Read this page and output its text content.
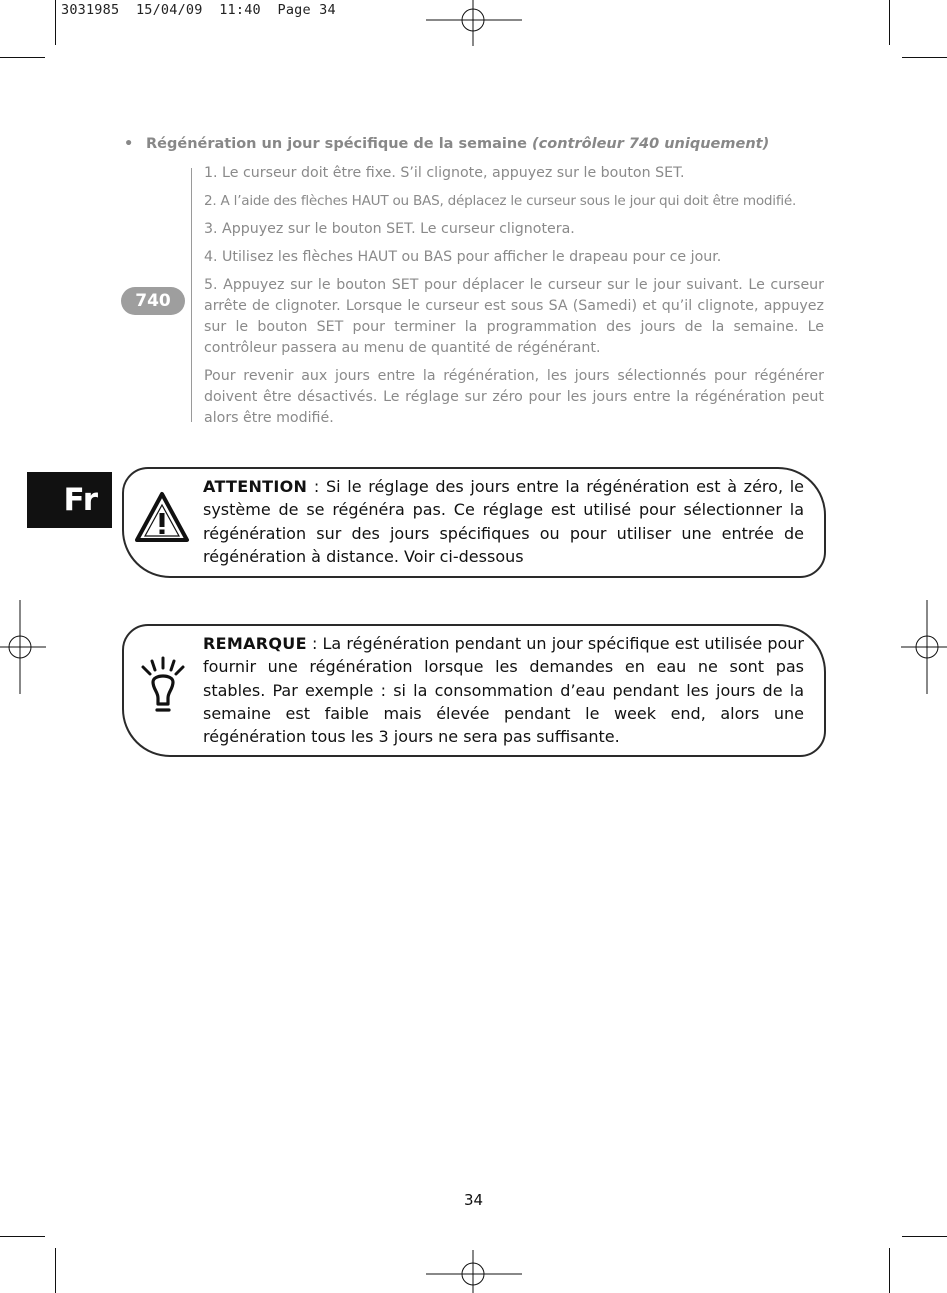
3031985  15/04/09  11:40  Page 34
• Régénération un jour spécifique de la semaine (contrôleur 740 uniquement)
740

1. Le curseur doit être fixe. S’il clignote, appuyez sur le bouton SET.

2. A l’aide des flèches HAUT ou BAS, déplacez le curseur sous le jour qui doit être modifié.

3. Appuyez sur le bouton SET. Le curseur clignotera.

4. Utilisez les flèches HAUT ou BAS pour afficher le drapeau pour ce jour.

5. Appuyez sur le bouton SET pour déplacer le curseur sur le jour suivant. Le curseur arrête de clignoter. Lorsque le curseur est sous SA (Samedi) et qu’il clignote, appuyez sur le bouton SET pour terminer la programmation des jours de la semaine. Le contrôleur passera au menu de quantité de régénérant.

Pour revenir aux jours entre la régénération, les jours sélectionnés pour régénérer doivent être désactivés. Le réglage sur zéro pour les jours entre la régénération peut alors être modifié.

Fr	ATTENTION : Si le réglage des jours entre la régénération est à zéro, le système de se régénéra pas. Ce réglage est utilisé pour sélectionner la régénération sur des jours spécifiques ou pour utiliser une entrée de régénération à distance. Voir ci-dessous
REMARQUE : La régénération pendant un jour spécifique est utilisée pour fournir une régénération lorsque les demandes en eau ne sont pas stables. Par exemple : si la consommation d’eau pendant les jours de la semaine est faible mais élevée pendant le week end, alors une régénération tous les 3 jours ne sera pas suffisante.
34
